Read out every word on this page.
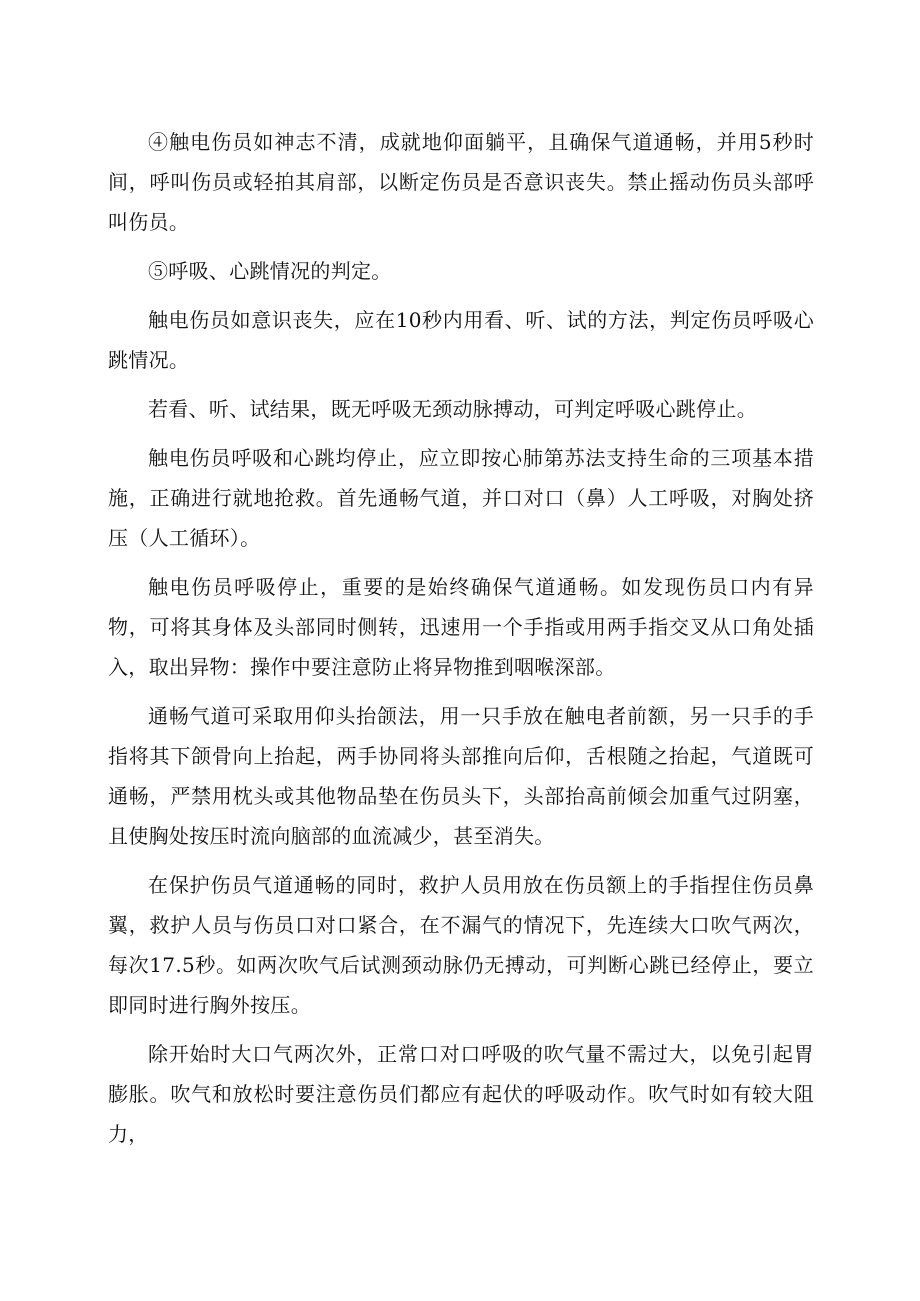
④触电伤员如神志不清，成就地仰面躺平，且确保气道通畅，并用5秒时间，呼叫伤员或轻拍其肩部，以断定伤员是否意识丧失。禁止摇动伤员头部呼叫伤员。

⑤呼吸、心跳情况的判定。

触电伤员如意识丧失，应在10秒内用看、听、试的方法，判定伤员呼吸心跳情况。

若看、听、试结果，既无呼吸无颈动脉搏动，可判定呼吸心跳停止。

触电伤员呼吸和心跳均停止，应立即按心肺第苏法支持生命的三项基本措施，正确进行就地抢救。首先通畅气道，并口对口（鼻）人工呼吸，对胸处挤压（人工循环）。

触电伤员呼吸停止，重要的是始终确保气道通畅。如发现伤员口内有异物，可将其身体及头部同时侧转，迅速用一个手指或用两手指交叉从口角处插入，取出异物：操作中要注意防止将异物推到咽喉深部。

通畅气道可采取用仰头抬颌法，用一只手放在触电者前额，另一只手的手指将其下颌骨向上抬起，两手协同将头部推向后仰，舌根随之抬起，气道既可通畅，严禁用枕头或其他物品垫在伤员头下，头部抬高前倾会加重气过阴塞，且使胸处按压时流向脑部的血流减少，甚至消失。

在保护伤员气道通畅的同时，救护人员用放在伤员额上的手指捏住伤员鼻翼，救护人员与伤员口对口紧合，在不漏气的情况下，先连续大口吹气两次，每次17.5秒。如两次吹气后试测颈动脉仍无搏动，可判断心跳已经停止，要立即同时进行胸外按压。

除开始时大口气两次外，正常口对口呼吸的吹气量不需过大，以免引起胃膨胀。吹气和放松时要注意伤员们都应有起伏的呼吸动作。吹气时如有较大阻力，
